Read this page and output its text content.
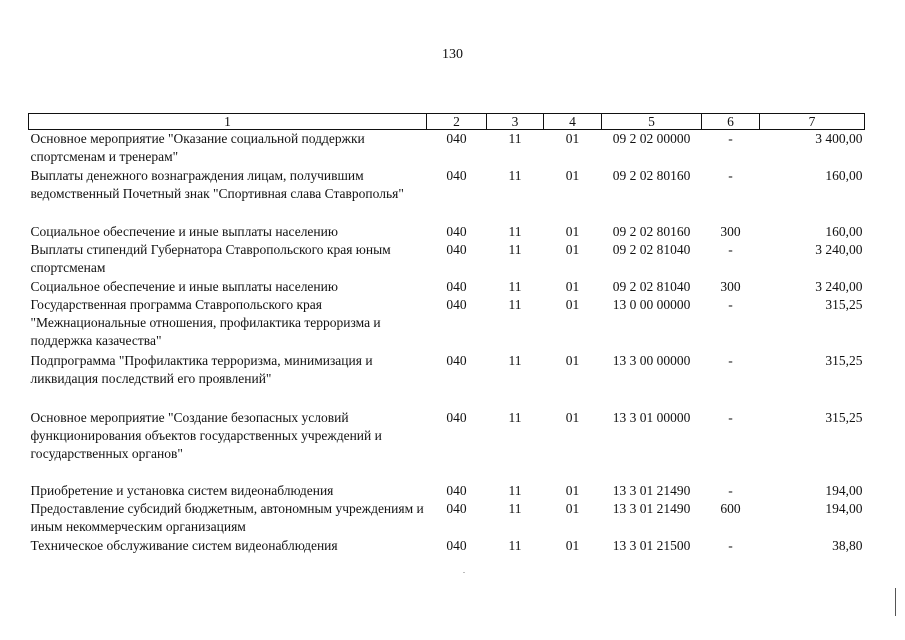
130
1	2	3	4	5	6	7
Основное мероприятие "Оказание социальной поддержки спортсменам и тренерам"	040	11	01	09 2 02 00000	-	3 400,00
Выплаты денежного вознаграждения лицам, получившим ведомственный Почетный знак "Спортивная слава Ставрополья"	040	11	01	09 2 02 80160	-	160,00
Социальное обеспечение и иные выплаты населению	040	11	01	09 2 02 80160	300	160,00
Выплаты стипендий Губернатора Ставропольского края юным спортсменам	040	11	01	09 2 02 81040	-	3 240,00
Социальное обеспечение и иные выплаты населению	040	11	01	09 2 02 81040	300	3 240,00
Государственная программа Ставропольского края "Межнациональные отношения, профилактика терроризма и поддержка казачества"	040	11	01	13 0 00 00000	-	315,25
Подпрограмма "Профилактика терроризма, минимизация и ликвидация последствий его проявлений"	040	11	01	13 3 00 00000	-	315,25
Основное мероприятие "Создание безопасных условий функционирования объектов государственных учреждений и государственных органов"	040	11	01	13 3 01 00000	-	315,25
Приобретение и установка систем видеонаблюдения	040	11	01	13 3 01 21490	-	194,00
Предоставление субсидий бюджетным, автономным учреждениям и иным некоммерческим организациям	040	11	01	13 3 01 21490	600	194,00
Техническое обслуживание систем видеонаблюдения	040	11	01	13 3 01 21500	-	38,80
